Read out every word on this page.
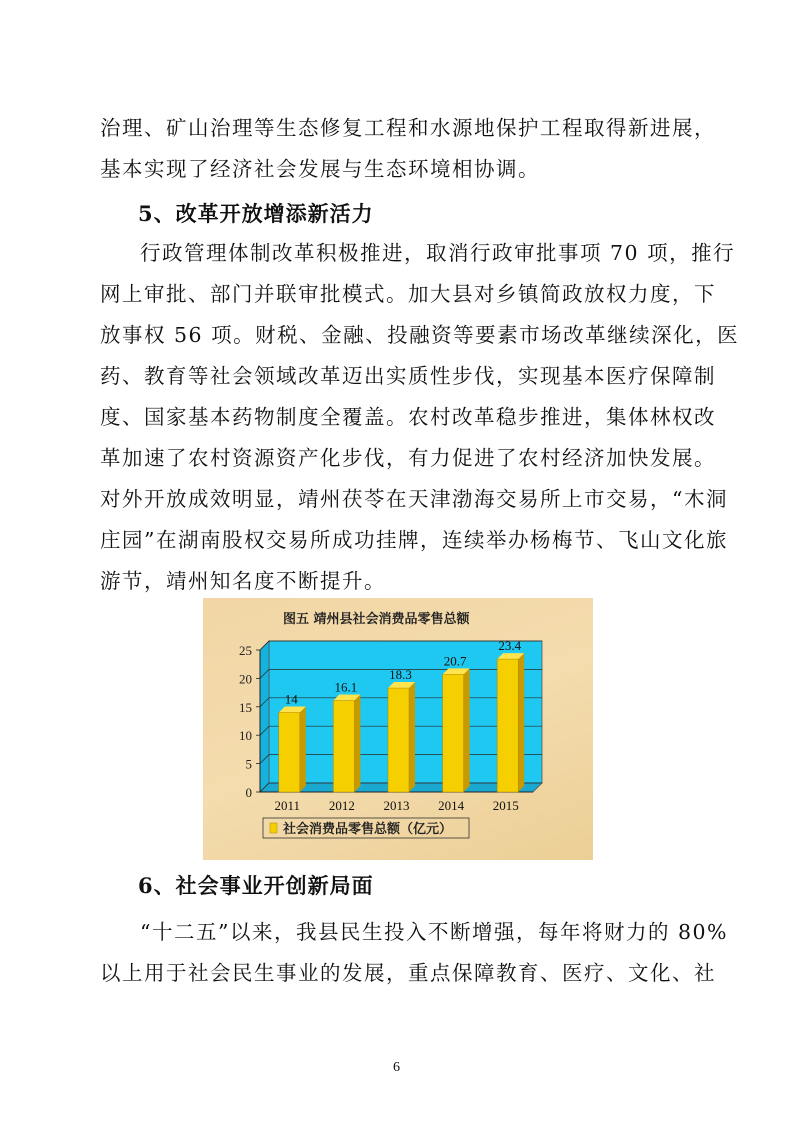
治理、矿山治理等生态修复工程和水源地保护工程取得新进展，
基本实现了经济社会发展与生态环境相协调。
5、改革开放增添新活力
行政管理体制改革积极推进，取消行政审批事项 70 项，推行
网上审批、部门并联审批模式。加大县对乡镇简政放权力度，下
放事权 56 项。财税、金融、投融资等要素市场改革继续深化，医
药、教育等社会领域改革迈出实质性步伐，实现基本医疗保障制
度、国家基本药物制度全覆盖。农村改革稳步推进，集体林权改
革加速了农村资源资产化步伐，有力促进了农村经济加快发展。
对外开放成效明显，靖州茯苓在天津渤海交易所上市交易，“木洞
庄园”在湖南股权交易所成功挂牌，连续举办杨梅节、飞山文化旅
游节，靖州知名度不断提升。
图五 靖州县社会消费品零售总额
0
5
10
15
20
25
14
2011
16.1
2012
18.3
2013
20.7
2014
23.4
2015
社会消费品零售总额（亿元）
6、社会事业开创新局面
“十二五”以来，我县民生投入不断增强，每年将财力的 80%
以上用于社会民生事业的发展，重点保障教育、医疗、文化、社
6
